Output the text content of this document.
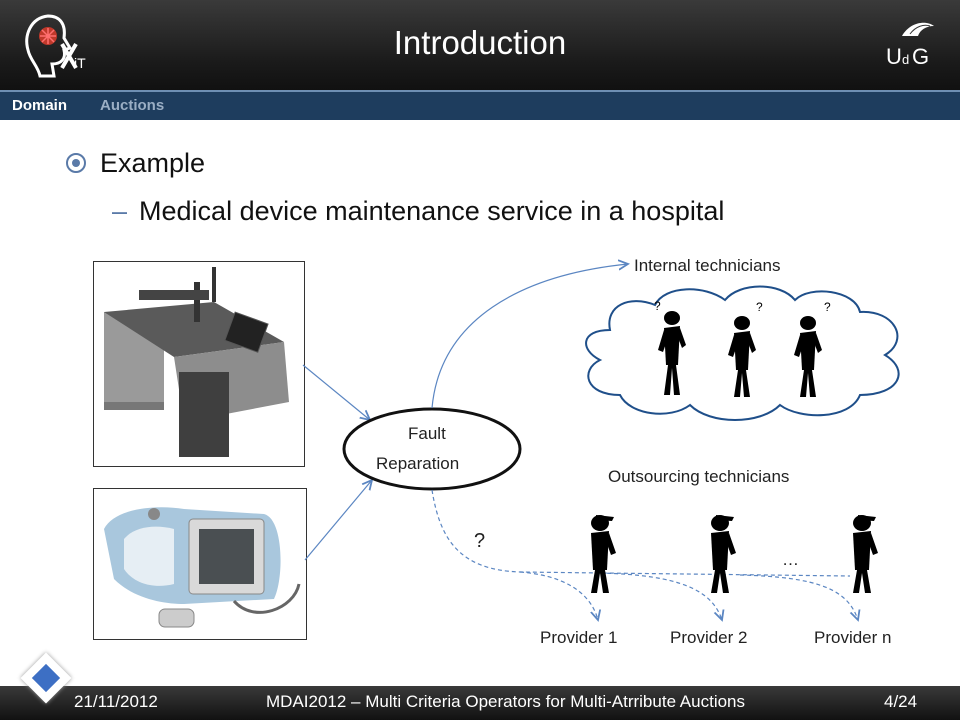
iT
Introduction	U d G
Domain Auctions
Example
– Medical device maintenance service in a hospital
?	?	?
Fault
Reparation
Internal technicians
Outsourcing technicians
?
…
Provider 1	Provider 2	Provider n
21/11/2012	MDAI2012 – Multi Criteria Operators for Multi-Atrribute Auctions	4/24
